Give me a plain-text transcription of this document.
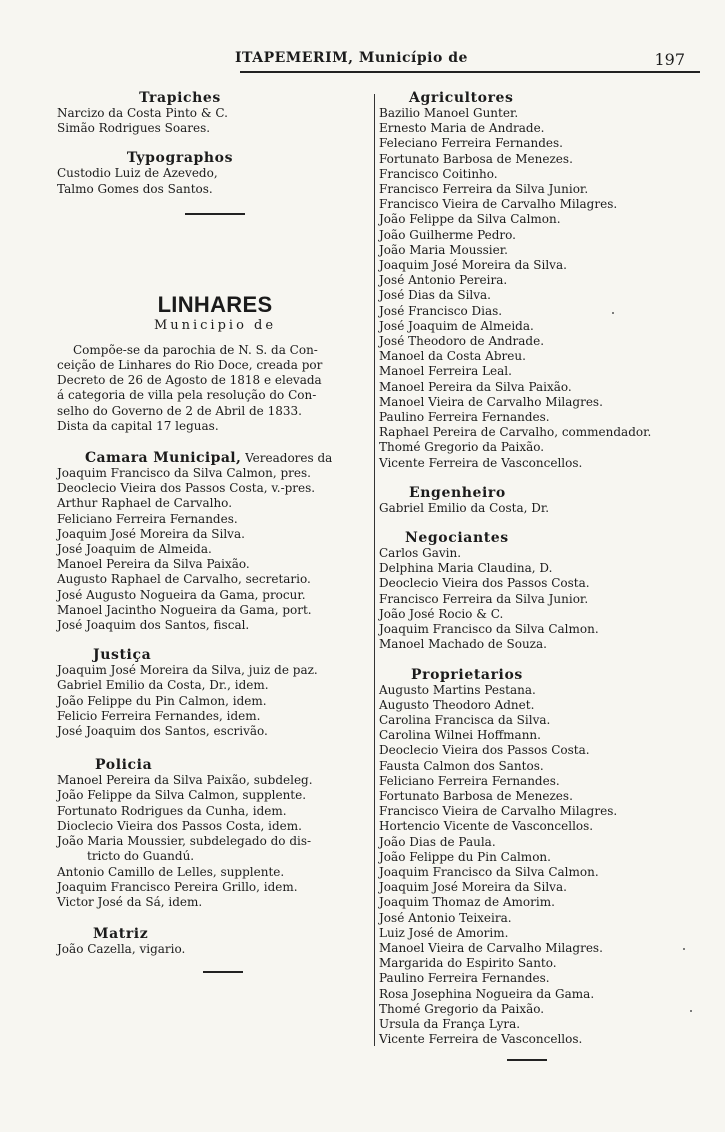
ITAPEMERIM, Município de	197
Trapiches
Narcizo da Costa Pinto & C.
Simão Rodrigues Soares.
Typographos
Custodio Luiz de Azevedo,
Talmo Gomes dos Santos.
LINHARES
Municipio de
Compõe-se da parochia de N. S. da Con-
ceição de Linhares do Rio Doce, creada por
Decreto de 26 de Agosto de 1818 e elevada
á categoria de villa pela resolução do Con-
selho do Governo de 2 de Abril de 1833.
Dista da capital 17 leguas.
Camara Municipal, Vereadores da
Joaquim Francisco da Silva Calmon, pres.
Deoclecio Vieira dos Passos Costa, v.-pres.
Arthur Raphael de Carvalho.
Feliciano Ferreira Fernandes.
Joaquim José Moreira da Silva.
José Joaquim de Almeida.
Manoel Pereira da Silva Paixão.
Augusto Raphael de Carvalho, secretario.
José Augusto Nogueira da Gama, procur.
Manoel Jacintho Nogueira da Gama, port.
José Joaquim dos Santos, fiscal.
Justiça
Joaquim José Moreira da Silva, juiz de paz.
Gabriel Emilio da Costa, Dr., idem.
João Felippe du Pin Calmon, idem.
Felicio Ferreira Fernandes, idem.
José Joaquim dos Santos, escrivão.
Policia
Manoel Pereira da Silva Paixão, subdeleg.
João Felippe da Silva Calmon, supplente.
Fortunato Rodrigues da Cunha, idem.
Dioclecio Vieira dos Passos Costa, idem.
João Maria Moussier, subdelegado do dis-
tricto do Guandú.
Antonio Camillo de Lelles, supplente.
Joaquim Francisco Pereira Grillo, idem.
Victor José da Sá, idem.
Matriz
João Cazella, vigario.
Agricultores
Bazilio Manoel Gunter.
Ernesto Maria de Andrade.
Feleciano Ferreira Fernandes.
Fortunato Barbosa de Menezes.
Francisco Coitinho.
Francisco Ferreira da Silva Junior.
Francisco Vieira de Carvalho Milagres.
João Felippe da Silva Calmon.
João Guilherme Pedro.
João Maria Moussier.
Joaquim José Moreira da Silva.
José Antonio Pereira.
José Dias da Silva.
José Francisco Dias.
José Joaquim de Almeida.
José Theodoro de Andrade.
Manoel da Costa Abreu.
Manoel Ferreira Leal.
Manoel Pereira da Silva Paixão.
Manoel Vieira de Carvalho Milagres.
Paulino Ferreira Fernandes.
Raphael Pereira de Carvalho, commendador.
Thomé Gregorio da Paixão.
Vicente Ferreira de Vasconcellos.
Engenheiro
Gabriel Emilio da Costa, Dr.
Negociantes
Carlos Gavin.
Delphina Maria Claudina, D.
Deoclecio Vieira dos Passos Costa.
Francisco Ferreira da Silva Junior.
João José Rocio & C.
Joaquim Francisco da Silva Calmon.
Manoel Machado de Souza.
Proprietarios
Augusto Martins Pestana.
Augusto Theodoro Adnet.
Carolina Francisca da Silva.
Carolina Wilnei Hoffmann.
Deoclecio Vieira dos Passos Costa.
Fausta Calmon dos Santos.
Feliciano Ferreira Fernandes.
Fortunato Barbosa de Menezes.
Francisco Vieira de Carvalho Milagres.
Hortencio Vicente de Vasconcellos.
João Dias de Paula.
João Felippe du Pin Calmon.
Joaquim Francisco da Silva Calmon.
Joaquim José Moreira da Silva.
Joaquim Thomaz de Amorim.
José Antonio Teixeira.
Luiz José de Amorim.
Manoel Vieira de Carvalho Milagres.
Margarida do Espirito Santo.
Paulino Ferreira Fernandes.
Rosa Josephina Nogueira da Gama.
Thomé Gregorio da Paixão.
Ursula da França Lyra.
Vicente Ferreira de Vasconcellos.
